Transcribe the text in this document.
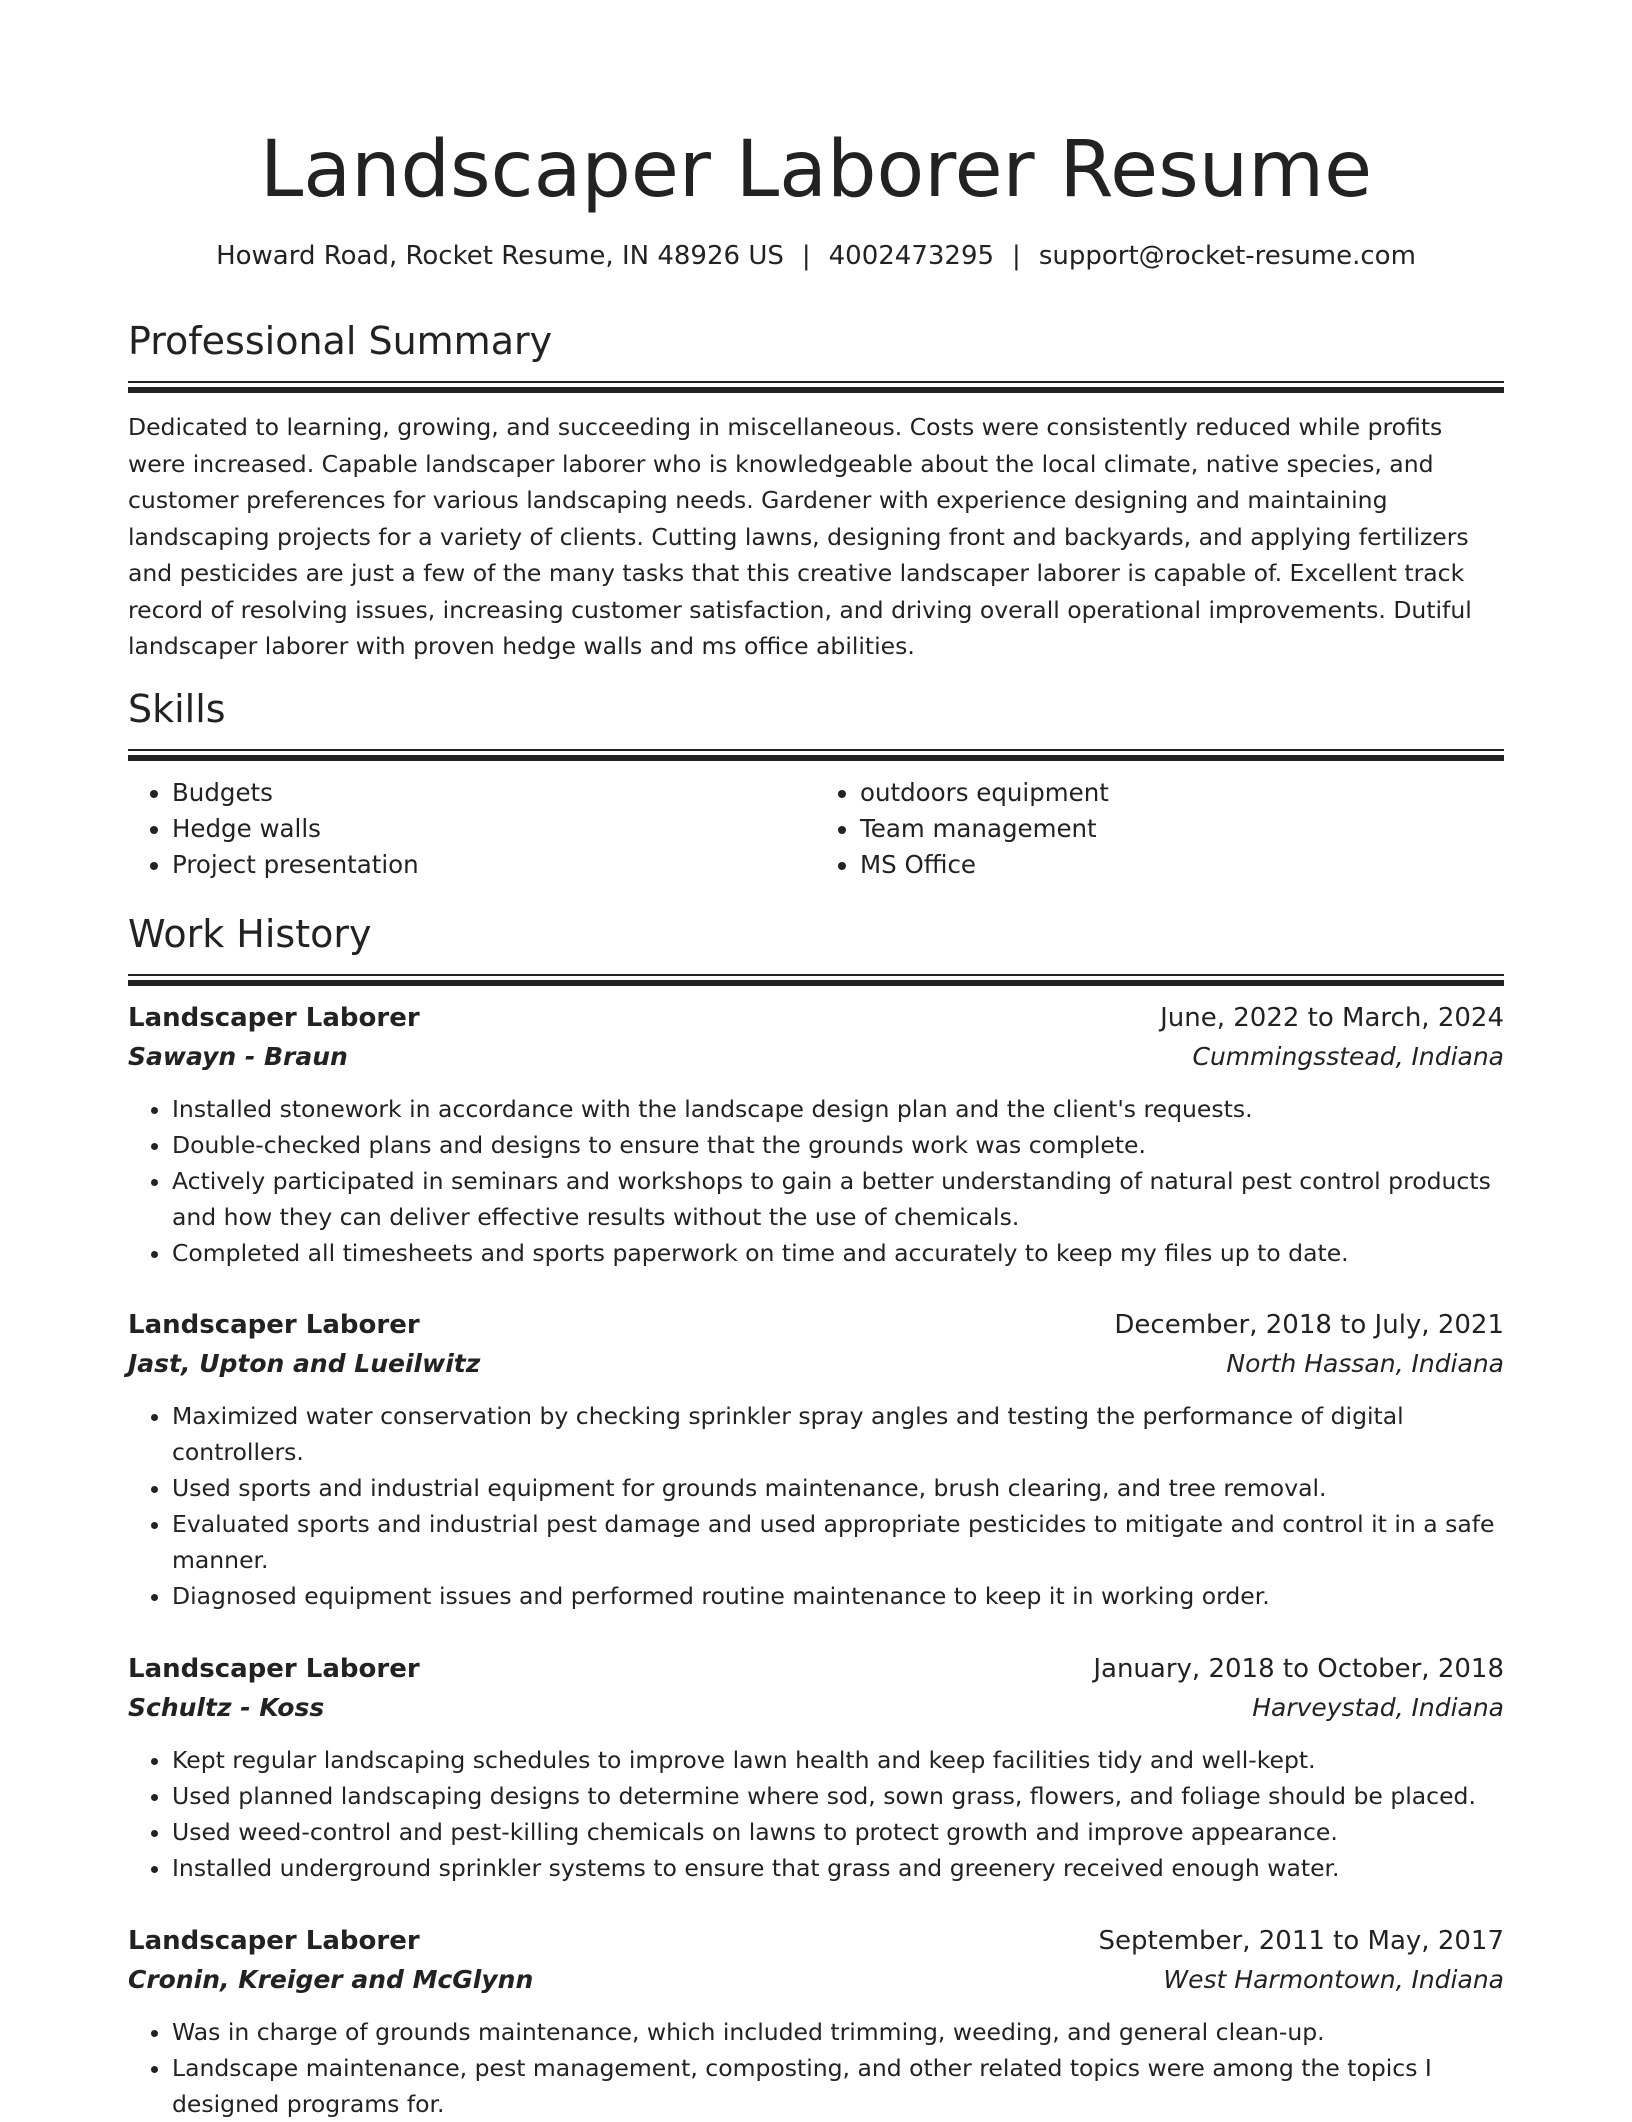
Landscaper Laborer Resume
Howard Road, Rocket Resume, IN 48926 US | 4002473295 | support@rocket-resume.com
Professional Summary

Dedicated to learning, growing, and succeeding in miscellaneous. Costs were consistently reduced while profits were increased. Capable landscaper laborer who is knowledgeable about the local climate, native species, and customer preferences for various landscaping needs. Gardener with experience designing and maintaining landscaping projects for a variety of clients. Cutting lawns, designing front and backyards, and applying fertilizers and pesticides are just a few of the many tasks that this creative landscaper laborer is capable of. Excellent track record of resolving issues, increasing customer satisfaction, and driving overall operational improvements. Dutiful landscaper laborer with proven hedge walls and ms office abilities.

Skills
• Budgets
• Hedge walls
• Project presentation
• outdoors equipment
• Team management
• MS Office
Work History
Landscaper Laborer	June, 2022 to March, 2024
Sawayn - Braun	Cummingsstead, Indiana
• Installed stonework in accordance with the landscape design plan and the client's requests.
• Double-checked plans and designs to ensure that the grounds work was complete.
• Actively participated in seminars and workshops to gain a better understanding of natural pest control products and how they can deliver effective results without the use of chemicals.
• Completed all timesheets and sports paperwork on time and accurately to keep my files up to date.
Landscaper Laborer	December, 2018 to July, 2021
Jast, Upton and Lueilwitz	North Hassan, Indiana
• Maximized water conservation by checking sprinkler spray angles and testing the performance of digital controllers.
• Used sports and industrial equipment for grounds maintenance, brush clearing, and tree removal.
• Evaluated sports and industrial pest damage and used appropriate pesticides to mitigate and control it in a safe manner.
• Diagnosed equipment issues and performed routine maintenance to keep it in working order.
Landscaper Laborer	January, 2018 to October, 2018
Schultz - Koss	Harveystad, Indiana
• Kept regular landscaping schedules to improve lawn health and keep facilities tidy and well-kept.
• Used planned landscaping designs to determine where sod, sown grass, flowers, and foliage should be placed.
• Used weed-control and pest-killing chemicals on lawns to protect growth and improve appearance.
• Installed underground sprinkler systems to ensure that grass and greenery received enough water.
Landscaper Laborer	September, 2011 to May, 2017
Cronin, Kreiger and McGlynn	West Harmontown, Indiana
• Was in charge of grounds maintenance, which included trimming, weeding, and general clean-up.
• Landscape maintenance, pest management, composting, and other related topics were among the topics I designed programs for.
